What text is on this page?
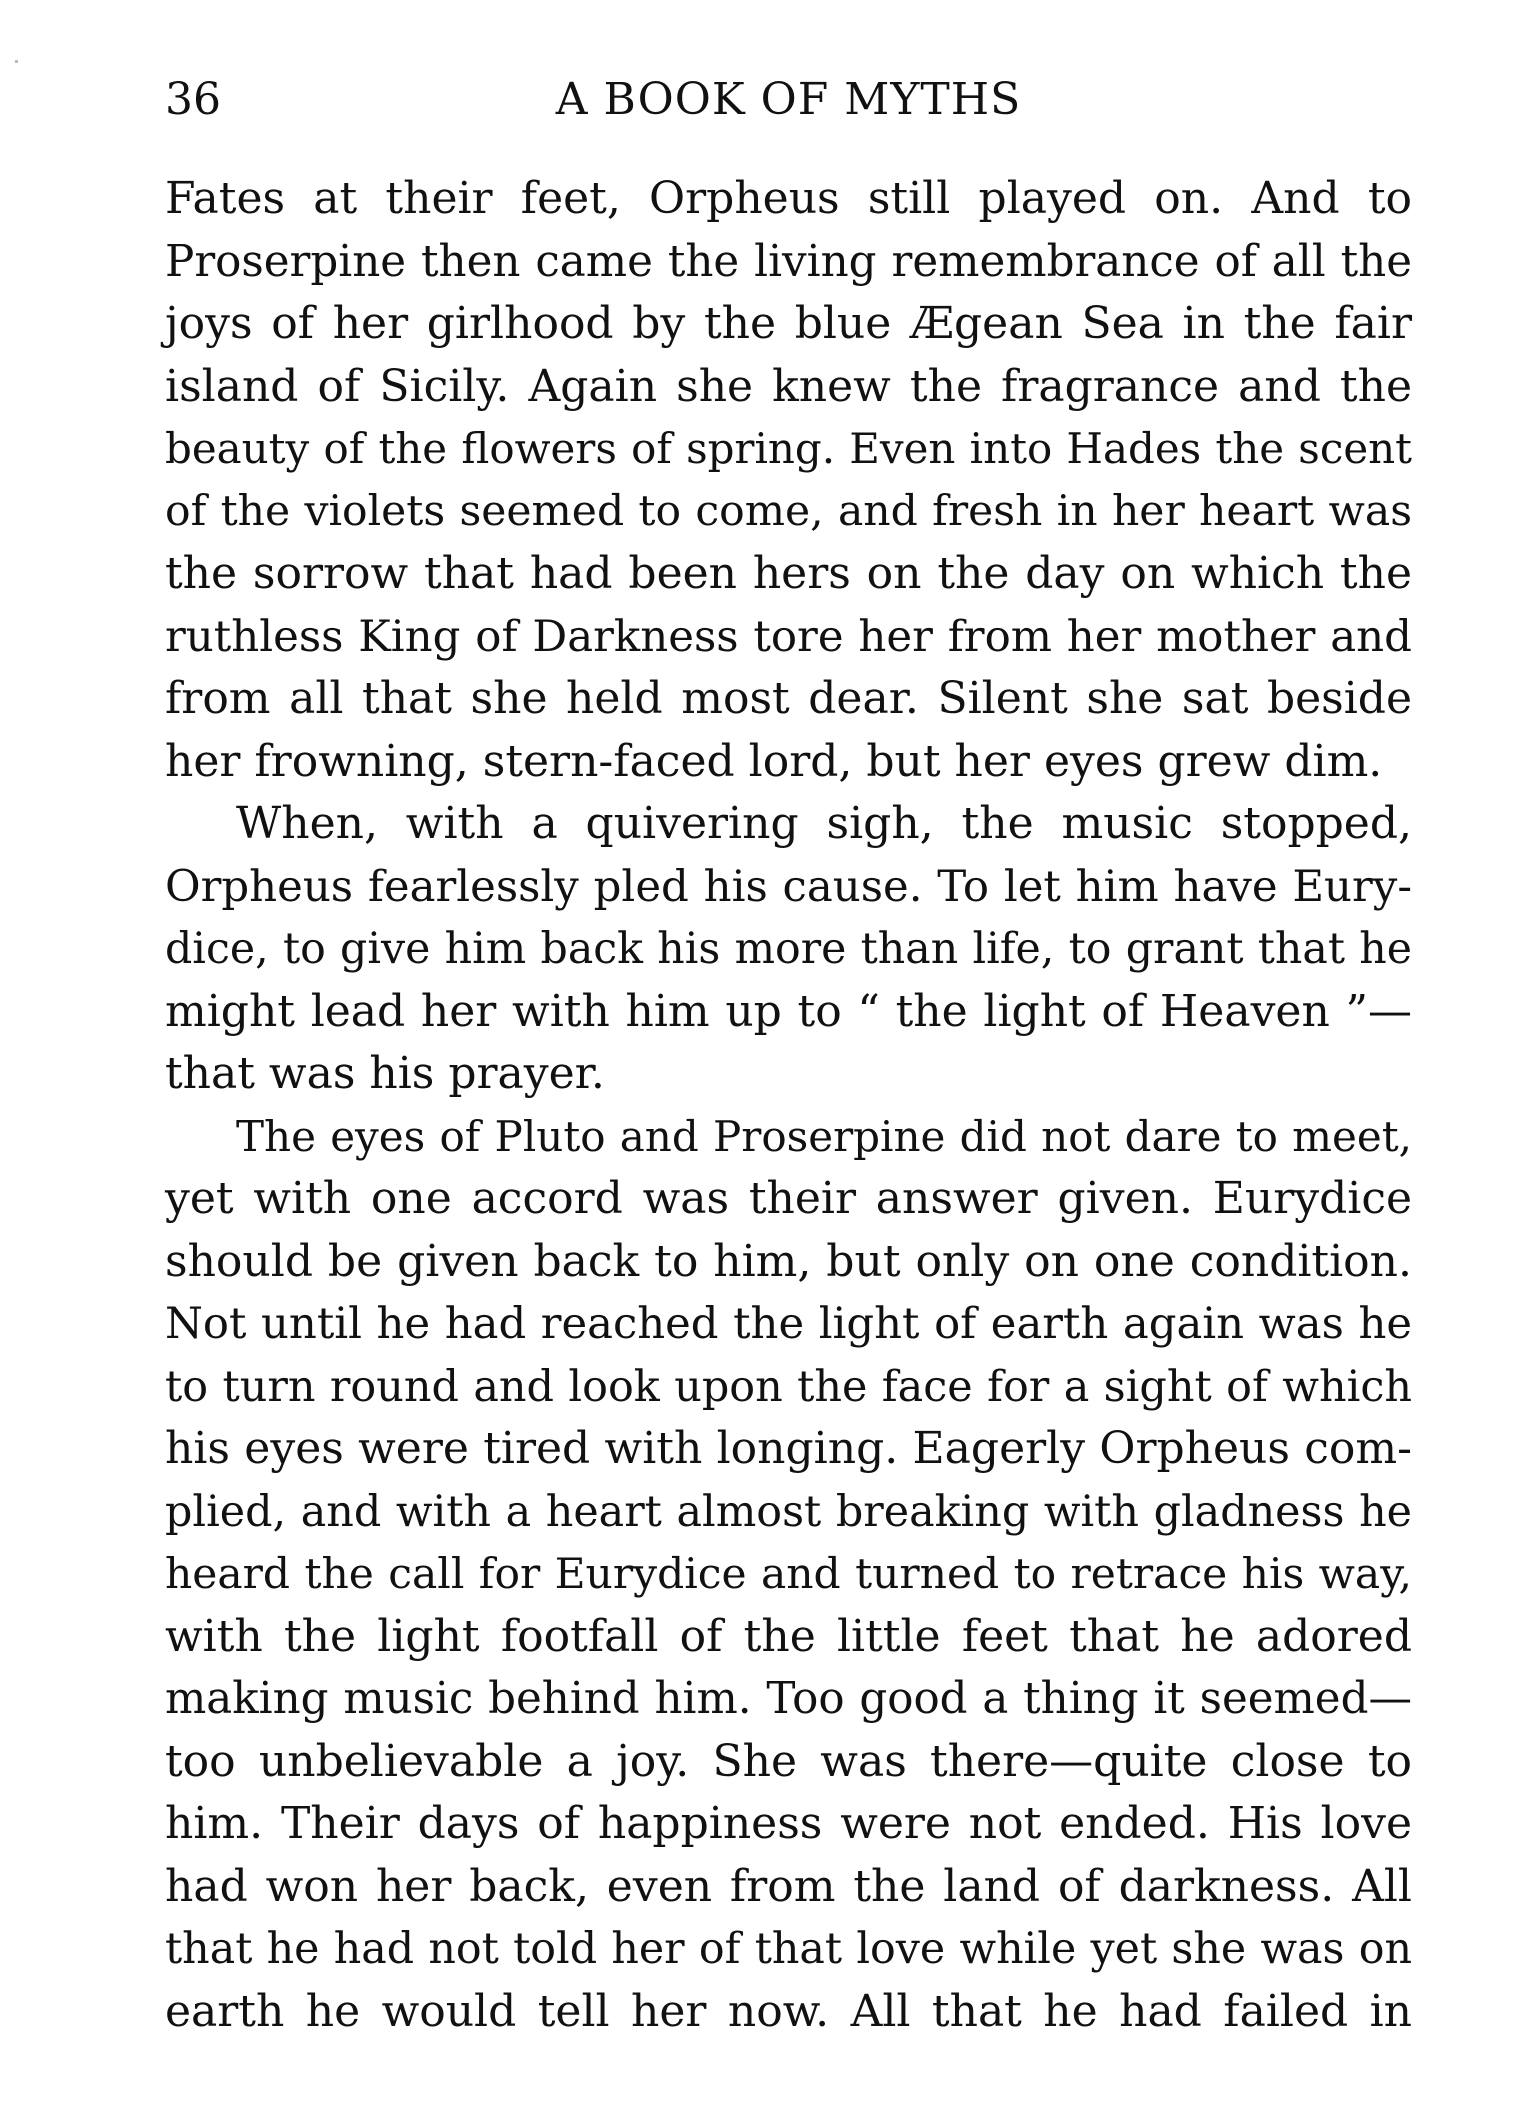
36	A BOOK OF MYTHS
Fates at their feet, Orpheus still played on. And to
Proserpine then came the living remembrance of all the
joys of her girlhood by the blue Ægean Sea in the fair
island of Sicily. Again she knew the fragrance and the
beauty of the flowers of spring. Even into Hades the scent
of the violets seemed to come, and fresh in her heart was
the sorrow that had been hers on the day on which the
ruthless King of Darkness tore her from her mother and
from all that she held most dear. Silent she sat beside
her frowning, stern-faced lord, but her eyes grew dim.
When, with a quivering sigh, the music stopped,
Orpheus fearlessly pled his cause. To let him have Eury-
dice, to give him back his more than life, to grant that he
might lead her with him up to “ the light of Heaven ”—
that was his prayer.
The eyes of Pluto and Proserpine did not dare to meet,
yet with one accord was their answer given. Eurydice
should be given back to him, but only on one condition.
Not until he had reached the light of earth again was he
to turn round and look upon the face for a sight of which
his eyes were tired with longing. Eagerly Orpheus com-
plied, and with a heart almost breaking with gladness he
heard the call for Eurydice and turned to retrace his way,
with the light footfall of the little feet that he adored
making music behind him. Too good a thing it seemed—
too unbelievable a joy. She was there—quite close to
him. Their days of happiness were not ended. His love
had won her back, even from the land of darkness. All
that he had not told her of that love while yet she was on
earth he would tell her now. All that he had failed in
